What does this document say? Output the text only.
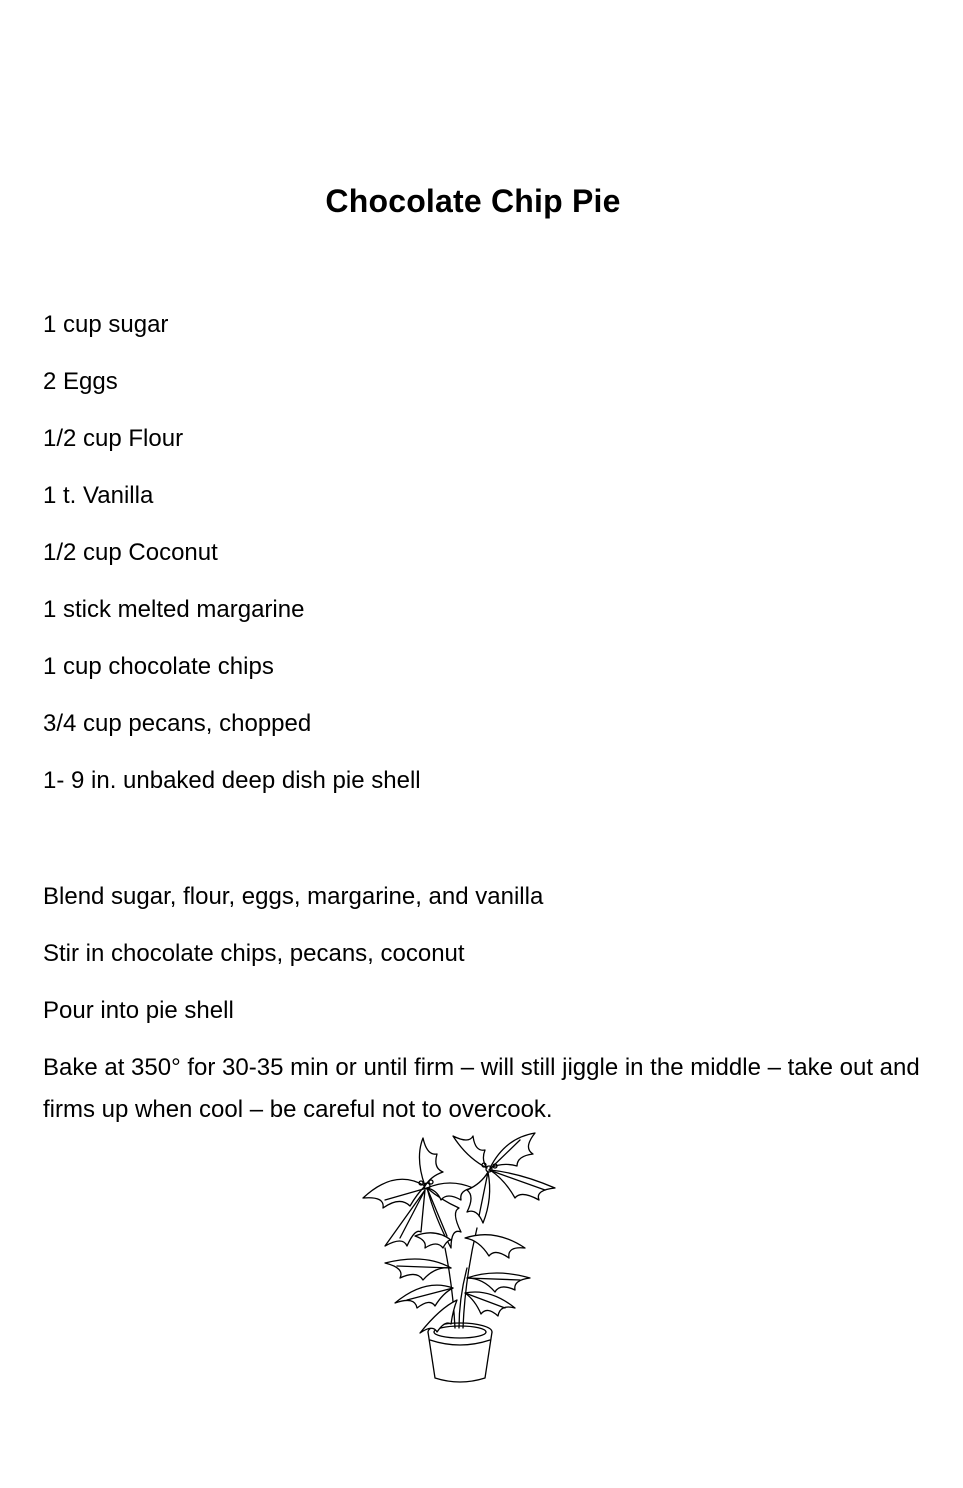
Chocolate Chip Pie
1 cup sugar
2 Eggs
1/2 cup Flour
1 t. Vanilla
1/2 cup Coconut
1 stick melted margarine
1 cup chocolate chips
3/4 cup pecans, chopped
1- 9 in. unbaked deep dish pie shell
Blend sugar, flour, eggs, margarine, and vanilla
Stir in chocolate chips, pecans, coconut
Pour into pie shell
Bake at 350° for 30-35 min or until firm – will still jiggle in the middle – take out and firms up when cool – be careful not to overcook.
